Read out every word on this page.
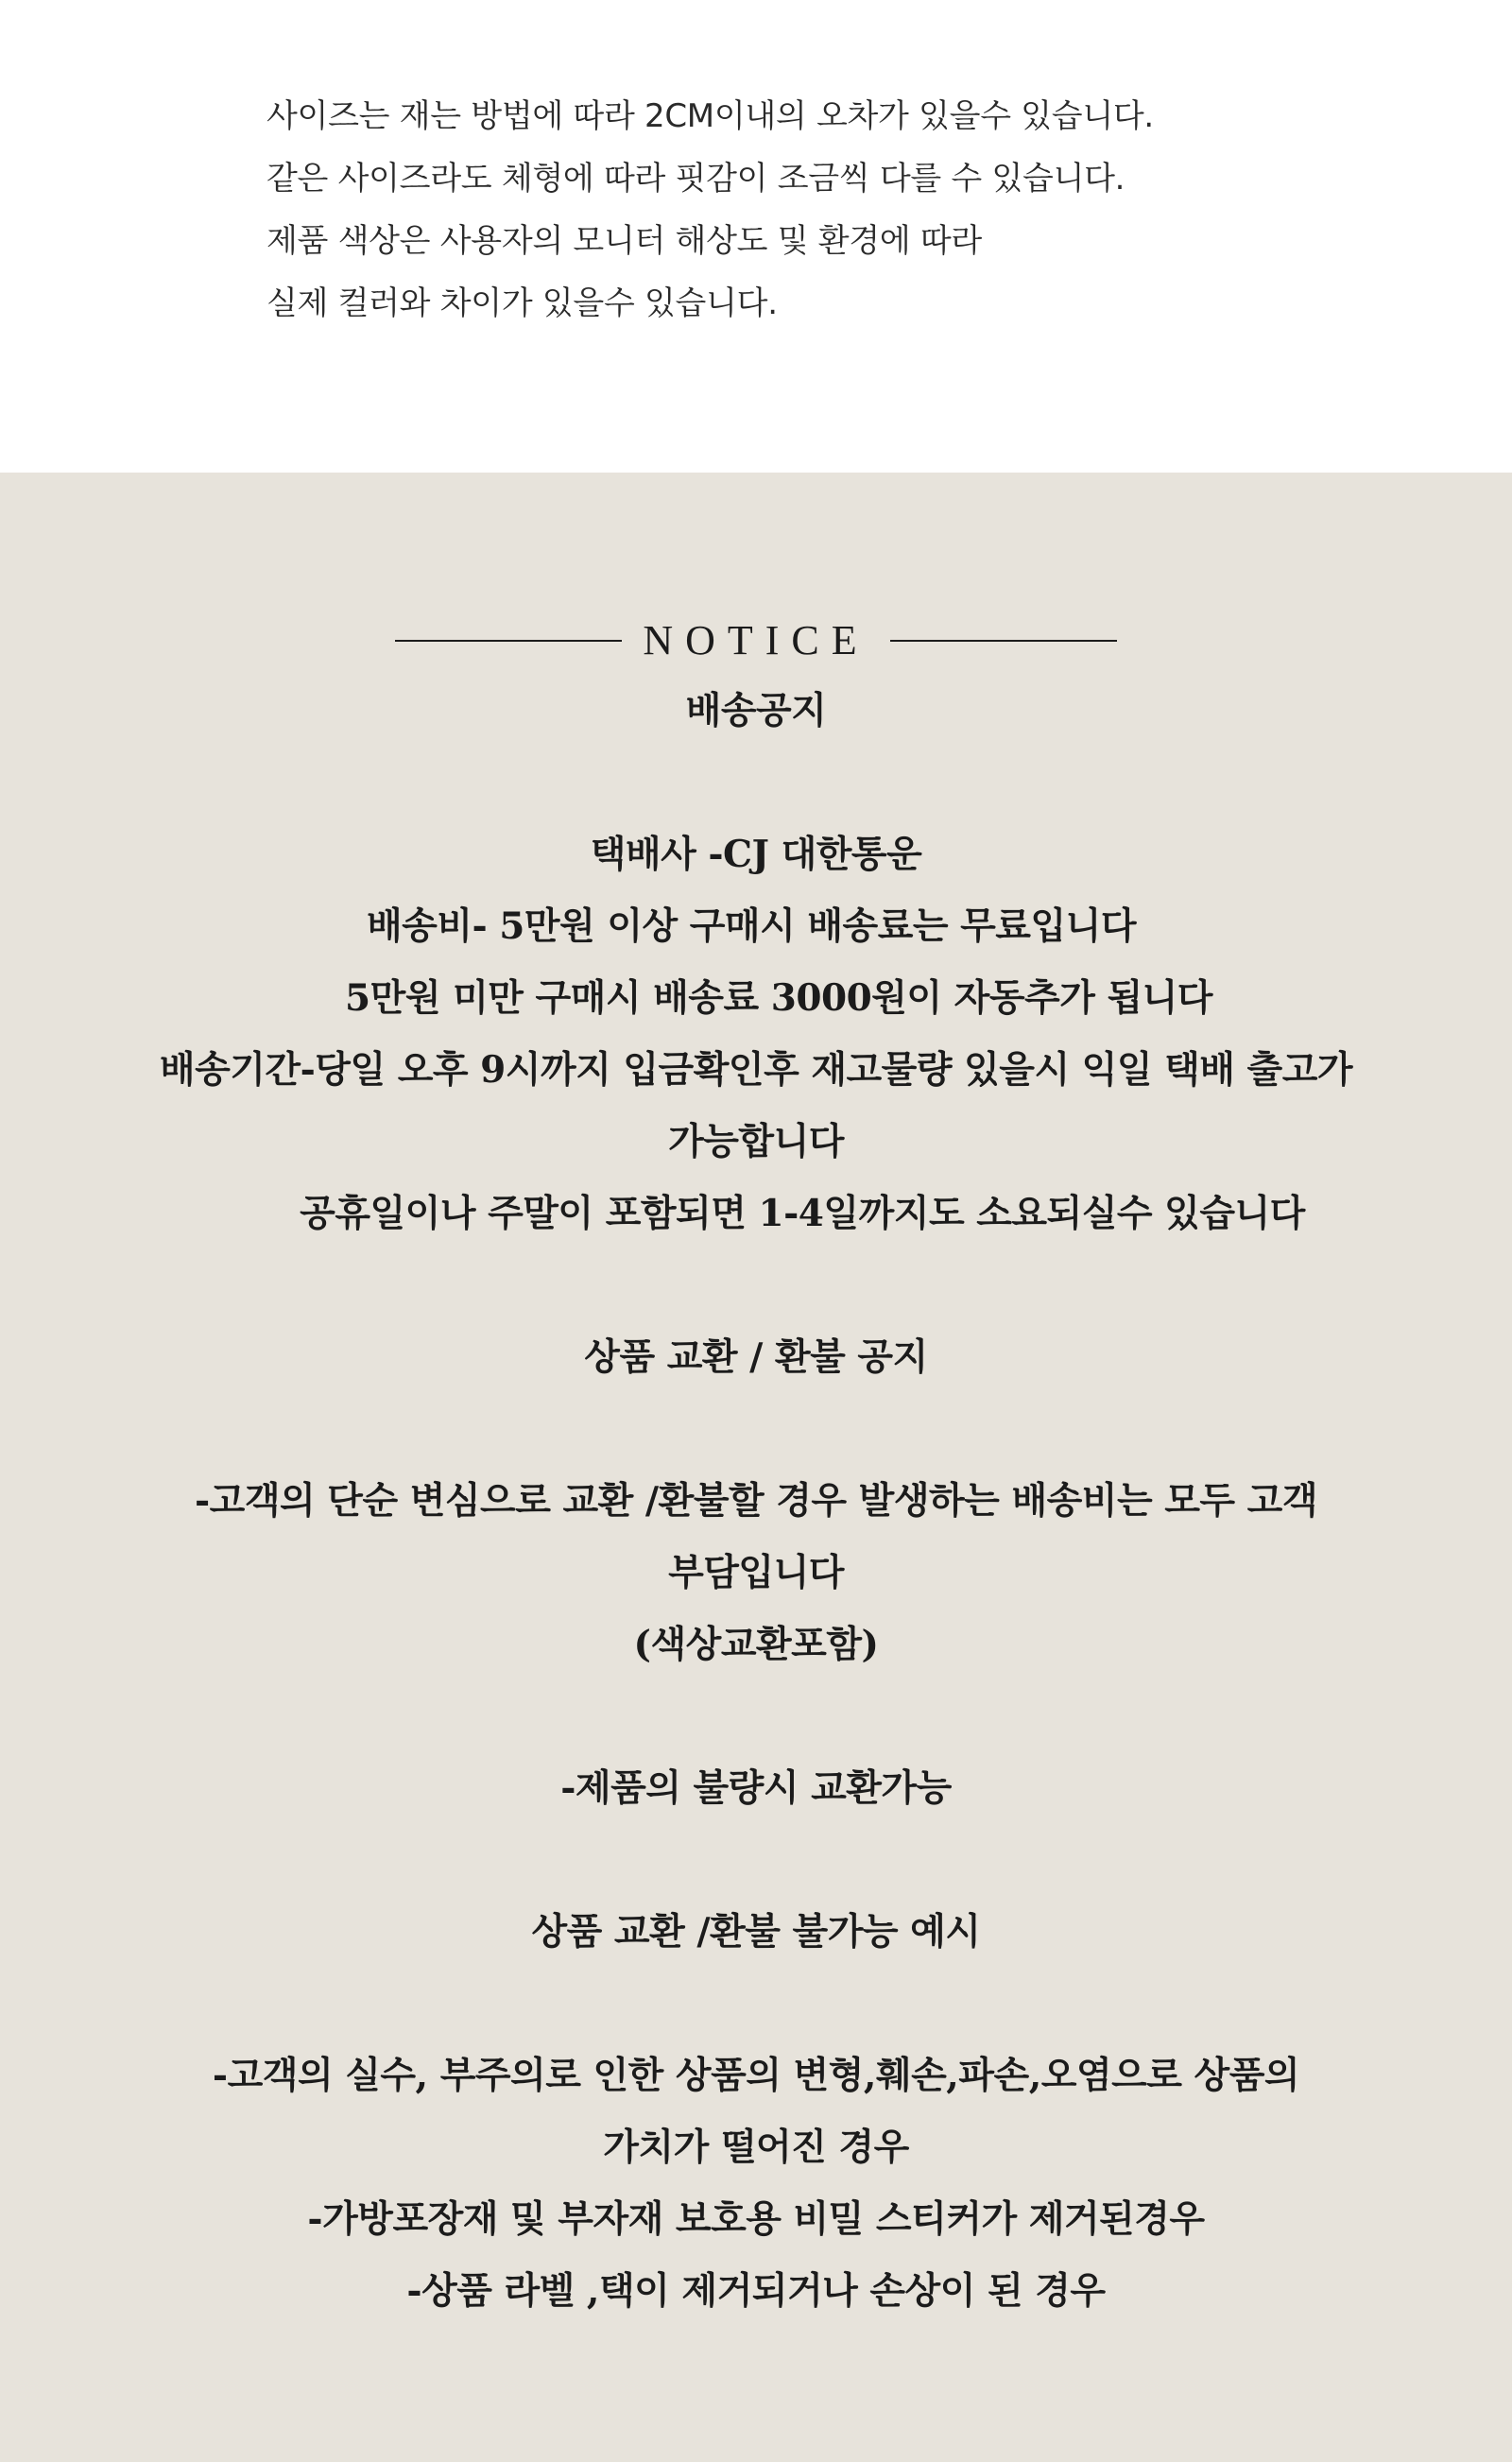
사이즈는 재는 방법에 따라 2CM이내의 오차가 있을수 있습니다.

같은 사이즈라도 체형에 따라 핏감이 조금씩 다를 수 있습니다.

제품 색상은 사용자의 모니터 해상도 및 환경에 따라

실제 컬러와 차이가 있을수 있습니다.

NOTICE
배송공지
택배사 -CJ 대한통운
배송비- 5만원 이상 구매시 배송료는 무료입니다
5만원 미만 구매시 배송료 3000원이 자동추가 됩니다
배송기간-당일 오후 9시까지 입금확인후 재고물량 있을시 익일 택배 출고가
가능합니다
공휴일이나 주말이 포함되면 1-4일까지도 소요되실수 있습니다
상품 교환 / 환불 공지
-고객의 단순 변심으로 교환 /환불할 경우 발생하는 배송비는 모두 고객
부담입니다
(색상교환포함)
-제품의 불량시 교환가능
상품 교환 /환불 불가능 예시
-고객의 실수, 부주의로 인한 상품의 변형,훼손,파손,오염으로 상품의
가치가 떨어진 경우
-가방포장재 및 부자재 보호용 비밀 스티커가 제거된경우
-상품 라벨 ,택이 제거되거나 손상이 된 경우
